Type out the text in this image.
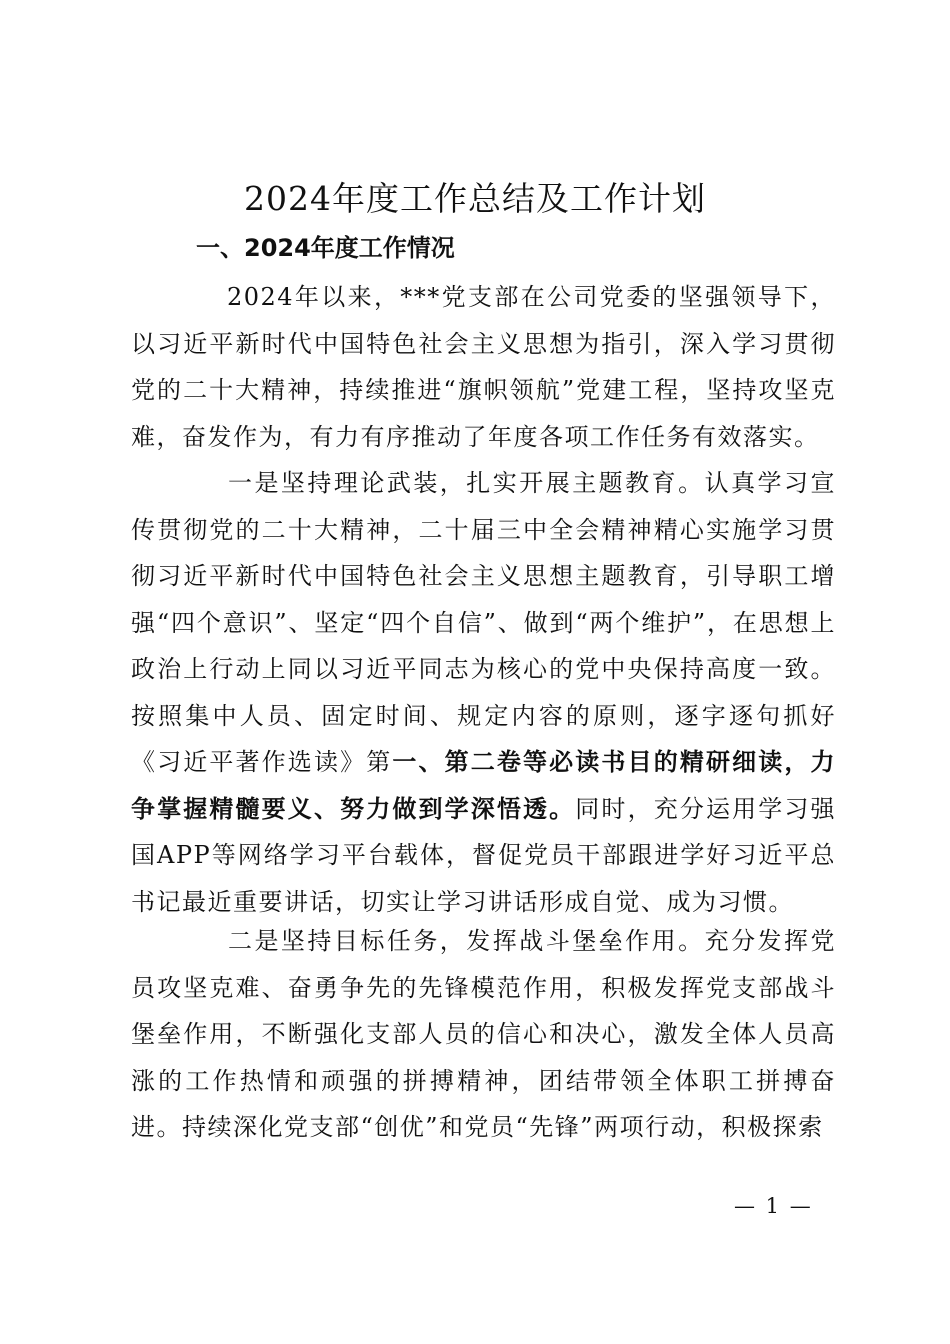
2024年度工作总结及工作计划
一、2024年度工作情况

2024年以来，***党支部在公司党委的坚强领导下，以习近平新时代中国特色社会主义思想为指引，深入学习贯彻党的二十大精神，持续推进“旗帜领航”党建工程，坚持攻坚克难，奋发作为，有力有序推动了年度各项工作任务有效落实。

一是坚持理论武装，扎实开展主题教育。认真学习宣传贯彻党的二十大精神，二十届三中全会精神精心实施学习贯彻习近平新时代中国特色社会主义思想主题教育，引导职工增强“四个意识”、坚定“四个自信”、做到“两个维护”，在思想上政治上行动上同以习近平同志为核心的党中央保持高度一致。按照集中人员、固定时间、规定内容的原则，逐字逐句抓好《习近平著作选读》第一、第二卷等必读书目的精研细读，力争掌握精髓要义、努力做到学深悟透。同时，充分运用学习强国APP等网络学习平台载体，督促党员干部跟进学好习近平总书记最近重要讲话，切实让学习讲话形成自觉、成为习惯。

二是坚持目标任务，发挥战斗堡垒作用。充分发挥党员攻坚克难、奋勇争先的先锋模范作用，积极发挥党支部战斗堡垒作用，不断强化支部人员的信心和决心，激发全体人员高涨的工作热情和顽强的拼搏精神，团结带领全体职工拼搏奋进。持续深化党支部“创优”和党员“先锋”两项行动，积极探索

— 1 —
